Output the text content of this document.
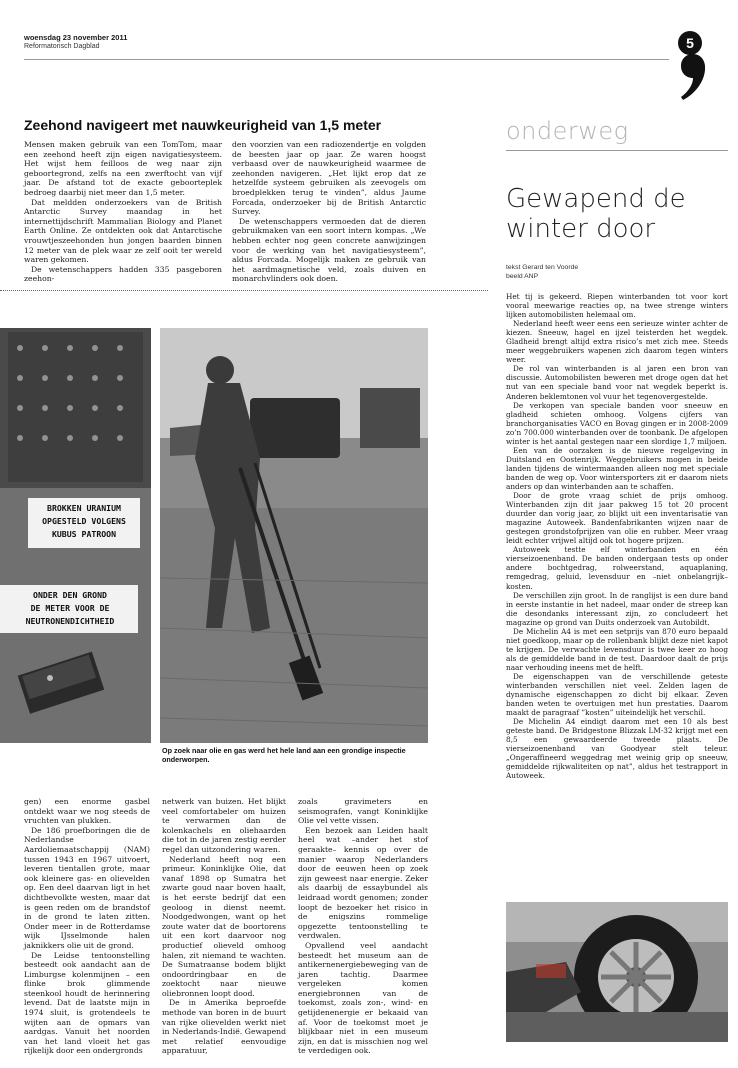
woensdag 23 november 2011
Reformatorisch Dagblad	5
Zeehond navigeert met nauwkeurigheid van 1,5 meter

Mensen maken gebruik van een TomTom, maar een zeehond heeft zijn eigen navigatiesysteem. Het wijst hem feilloos de weg naar zijn geboortegrond, zelfs na een zwerftocht van vijf jaar. De afstand tot de exacte geboorteplek bedroeg daarbij niet meer dan 1,5 meter.

Dat meldden onderzoekers van de British Antarctic Survey maandag in het internettijdschrift Mammalian Biology and Planet Earth Online. Ze ontdekten ook dat Antarctische vrouwtjeszeehonden hun jongen baarden binnen 12 meter van de plek waar ze zelf ooit ter wereld waren gekomen.

De wetenschappers hadden 335 pasgeboren zeehon-

den voorzien van een radiozendertje en volgden de beesten jaar op jaar. Ze waren hoogst verbaasd over de nauwkeurigheid waarmee de zeehonden navigeren. „Het lijkt erop dat ze hetzelfde systeem gebruiken als zeevogels om broedplekken terug te vinden”, aldus Jaume Forcada, onderzoeker bij de British Antarctic Survey.

De wetenschappers vermoeden dat de dieren gebruikmaken van een soort intern kompas. „We hebben echter nog geen concrete aanwijzingen voor de werking van het navigatiesysteem”, aldus Forcada. Mogelijk maken ze gebruik van het aardmagnetische veld, zoals duiven en monarchvlinders ook doen.

BROKKEN URANIUM
OPGESTELD VOLGENS
KUBUS PATROON
ONDER DEN GROND
DE METER VOOR DE
NEUTRONENDICHTHEID
Op zoek naar olie en gas werd het hele land aan een grondige inspectie onderworpen.

gen) een enorme gasbel ontdekt waar we nog steeds de vruchten van plukken.

De 186 proefboringen die de Nederlandse Aardoliemaatschappij (NAM) tussen 1943 en 1967 uitvoert, leveren tientallen grote, maar ook kleinere gas- en olievelden op. Een deel daarvan ligt in het dichtbevolkte westen, maar dat is geen reden om de brandstof in de grond te laten zitten. Onder meer in de Rotterdamse wijk IJsselmonde halen jaknikkers olie uit de grond.

De Leidse tentoonstelling besteedt ook aandacht aan de Limburgse kolenmijnen – een flinke brok glimmende steenkool houdt de herinnering levend. Dat de laatste mijn in 1974 sluit, is grotendeels te wijten aan de opmars van aardgas. Vanuit het noorden van het land vloeit het gas rijkelijk door een ondergronds

netwerk van buizen. Het blijkt veel comfortabeler om huizen te verwarmen dan de kolenkachels en oliehaarden die tot in de jaren zestig eerder regel dan uitzondering waren.

Nederland heeft nog een primeur. Koninklijke Olie, dat vanaf 1898 op Sumatra het zwarte goud naar boven haalt, is het eerste bedrijf dat een geoloog in dienst neemt. Noodgedwongen, want op het zoute water dat de boortorens uit een kort daarvoor nog productief olieveld omhoog halen, zit niemand te wachten. De Sumatraanse bodem blijkt ondoordringbaar en de zoektocht naar nieuwe oliebronnen loopt dood.

De in Amerika beproefde methode van boren in de buurt van rijke olievelden werkt niet in Nederlands-Indië. Gewapend met relatief eenvoudige apparatuur,

zoals gravimeters en seismografen, vangt Koninklijke Olie vel vette vissen.

Een bezoek aan Leiden haalt heel wat –ander het stof geraakte– kennis op over de manier waarop Nederlanders door de eeuwen heen op zoek zijn geweest naar energie. Zeker als daarbij de essaybundel als leidraad wordt genomen; zonder loopt de bezoeker het risico in de enigszins rommelige opgezette tentoonstelling te verdwalen.

Opvallend veel aandacht besteedt het museum aan de antikernenergiebeweging van de jaren tachtig. Daarmee vergeleken komen energiebronnen van de toekomst, zoals zon-, wind- en getijdenenergie er bekaaid van af. Voor de toekomst moet je blijkbaar niet in een museum zijn, en dat is misschien nog wel te verdedigen ook.

onderweg
Gewapend de winter door
tekst Gerard ten Voorde
beeld ANP

Het tij is gekeerd. Riepen winterbanden tot voor kort vooral meewarige reacties op, na twee strenge winters lijken automobilisten helemaal om.

Nederland heeft weer eens een serieuze winter achter de kiezen. Sneeuw, hagel en ijzel teisterden het wegdek. Gladheid brengt altijd extra risico’s met zich mee. Steeds meer weggebruikers wapenen zich daarom tegen winters weer.

De rol van winterbanden is al jaren een bron van discussie. Automobilisten beweren met droge ogen dat het nut van een speciale band voor nat wegdek beperkt is. Anderen beklemtonen vol vuur het tegenovergestelde.

De verkopen van speciale banden voor sneeuw en gladheid schieten omhoog. Volgens cijfers van branchorganisaties VACO en Bovag gingen er in 2008-2009 zo’n 700.000 winterbanden over de toonbank. De afgelopen winter is het aantal gestegen naar een slordige 1,7 miljoen.

Een van de oorzaken is de nieuwe regelgeving in Duitsland en Oostenrijk. Weggebruikers mogen in beide landen tijdens de wintermaanden alleen nog met speciale banden de weg op. Voor wintersporters zit er daarom niets anders op dan winterbanden aan te schaffen.

Door de grote vraag schiet de prijs omhoog. Winterbanden zijn dit jaar pakweg 15 tot 20 procent duurder dan vorig jaar, zo blijkt uit een inventarisatie van magazine Autoweek. Bandenfabrikanten wijzen naar de gestegen grondstofprijzen van olie en rubber. Meer vraag leidt echter vrijwel altijd ook tot hogere prijzen.

Autoweek testte elf winterbanden en één vierseizoenenband. De banden ondergaan tests op onder andere bochtgedrag, rolweerstand, aquaplaning, remgedrag, geluid, levensduur en –niet onbelangrijk– kosten.

De verschillen zijn groot. In de ranglijst is een dure band in eerste instantie in het nadeel, maar onder de streep kan die desondanks interessant zijn, zo concludeert het magazine op grond van Duits onderzoek van Autobildt.

De Michelin A4 is met een setprijs van 870 euro bepaald niet goedkoop, maar op de rollenbank blijkt deze niet kapot te krijgen. De verwachte levensduur is twee keer zo hoog als de gemiddelde band in de test. Daardoor daalt de prijs naar verhouding ineens met de helft.

De eigenschappen van de verschillende geteste winterbanden verschillen niet veel. Zelden lagen de dynamische eigenschappen zo dicht bij elkaar. Zeven banden weten te overtuigen met hun prestaties. Daarom maakt de paragraaf ”kosten” uiteindelijk het verschil.

De Michelin A4 eindigt daarom met een 10 als best geteste band. De Bridgestone Blizzak LM-32 krijgt met een 8,5 een gewaardeerde tweede plaats. De vierseizoenenband van Goodyear stelt teleur. „Ongeraffineerd weggedrag met weinig grip op sneeuw, gemiddelde rijkwaliteiten op nat”, aldus het testrapport in Autoweek.
